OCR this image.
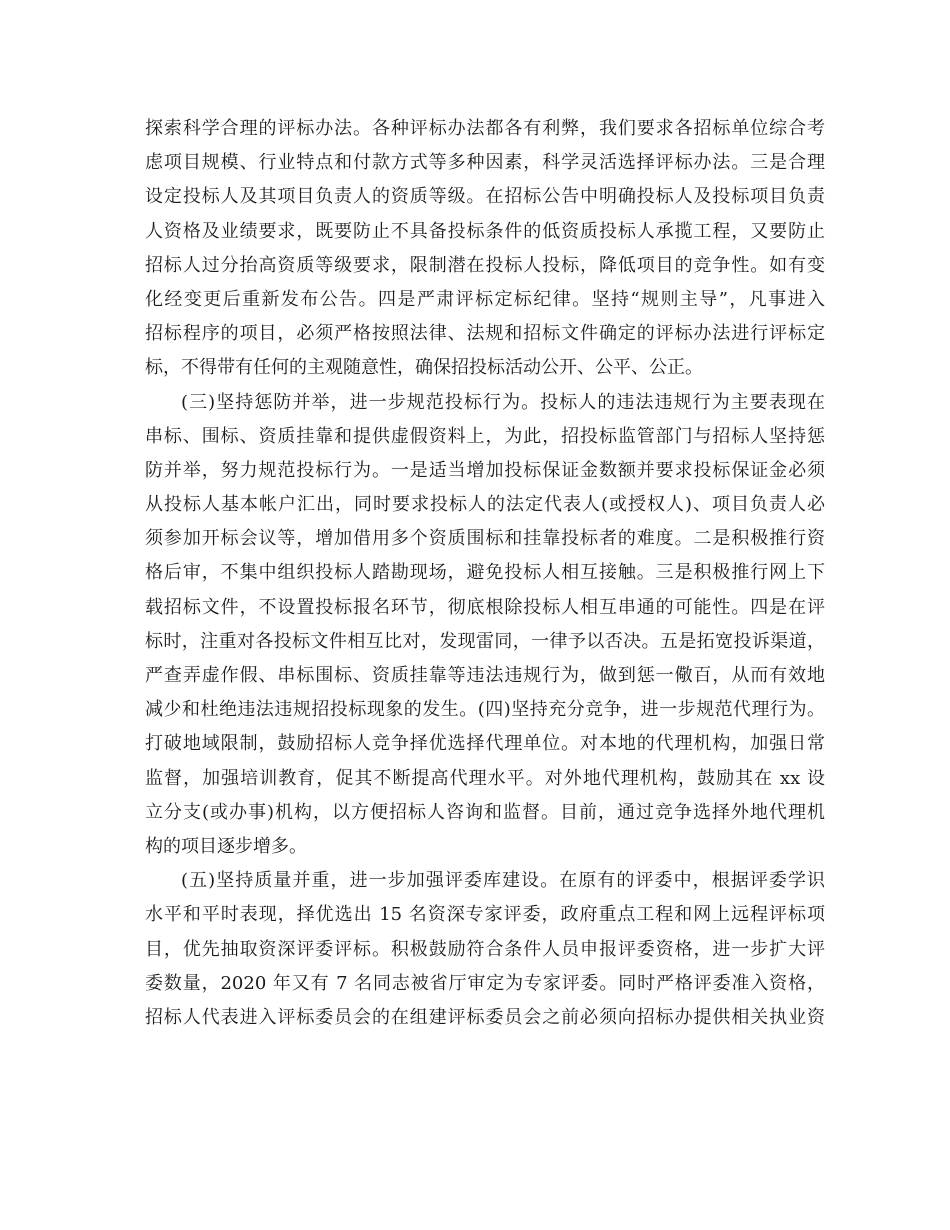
探索科学合理的评标办法。各种评标办法都各有利弊，我们要求各招标单位综合考
虑项目规模、行业特点和付款方式等多种因素，科学灵活选择评标办法。三是合理
设定投标人及其项目负责人的资质等级。在招标公告中明确投标人及投标项目负责
人资格及业绩要求，既要防止不具备投标条件的低资质投标人承揽工程，又要防止
招标人过分抬高资质等级要求，限制潜在投标人投标，降低项目的竞争性。如有变
化经变更后重新发布公告。四是严肃评标定标纪律。坚持“规则主导”，凡事进入
招标程序的项目，必须严格按照法律、法规和招标文件确定的评标办法进行评标定
标，不得带有任何的主观随意性，确保招投标活动公开、公平、公正。
(三)坚持惩防并举，进一步规范投标行为。投标人的违法违规行为主要表现在
串标、围标、资质挂靠和提供虚假资料上，为此，招投标监管部门与招标人坚持惩
防并举，努力规范投标行为。一是适当增加投标保证金数额并要求投标保证金必须
从投标人基本帐户汇出，同时要求投标人的法定代表人(或授权人)、项目负责人必
须参加开标会议等，增加借用多个资质围标和挂靠投标者的难度。二是积极推行资
格后审，不集中组织投标人踏勘现场，避免投标人相互接触。三是积极推行网上下
载招标文件，不设置投标报名环节，彻底根除投标人相互串通的可能性。四是在评
标时，注重对各投标文件相互比对，发现雷同，一律予以否决。五是拓宽投诉渠道，
严查弄虚作假、串标围标、资质挂靠等违法违规行为，做到惩一儆百，从而有效地
减少和杜绝违法违规招投标现象的发生。(四)坚持充分竞争，进一步规范代理行为。
打破地域限制，鼓励招标人竞争择优选择代理单位。对本地的代理机构，加强日常
监督，加强培训教育，促其不断提高代理水平。对外地代理机构，鼓励其在 xx 设
立分支(或办事)机构，以方便招标人咨询和监督。目前，通过竞争选择外地代理机
构的项目逐步增多。
(五)坚持质量并重，进一步加强评委库建设。在原有的评委中，根据评委学识
水平和平时表现，择优选出 15 名资深专家评委，政府重点工程和网上远程评标项
目，优先抽取资深评委评标。积极鼓励符合条件人员申报评委资格，进一步扩大评
委数量，2020 年又有 7 名同志被省厅审定为专家评委。同时严格评委准入资格，
招标人代表进入评标委员会的在组建评标委员会之前必须向招标办提供相关执业资
